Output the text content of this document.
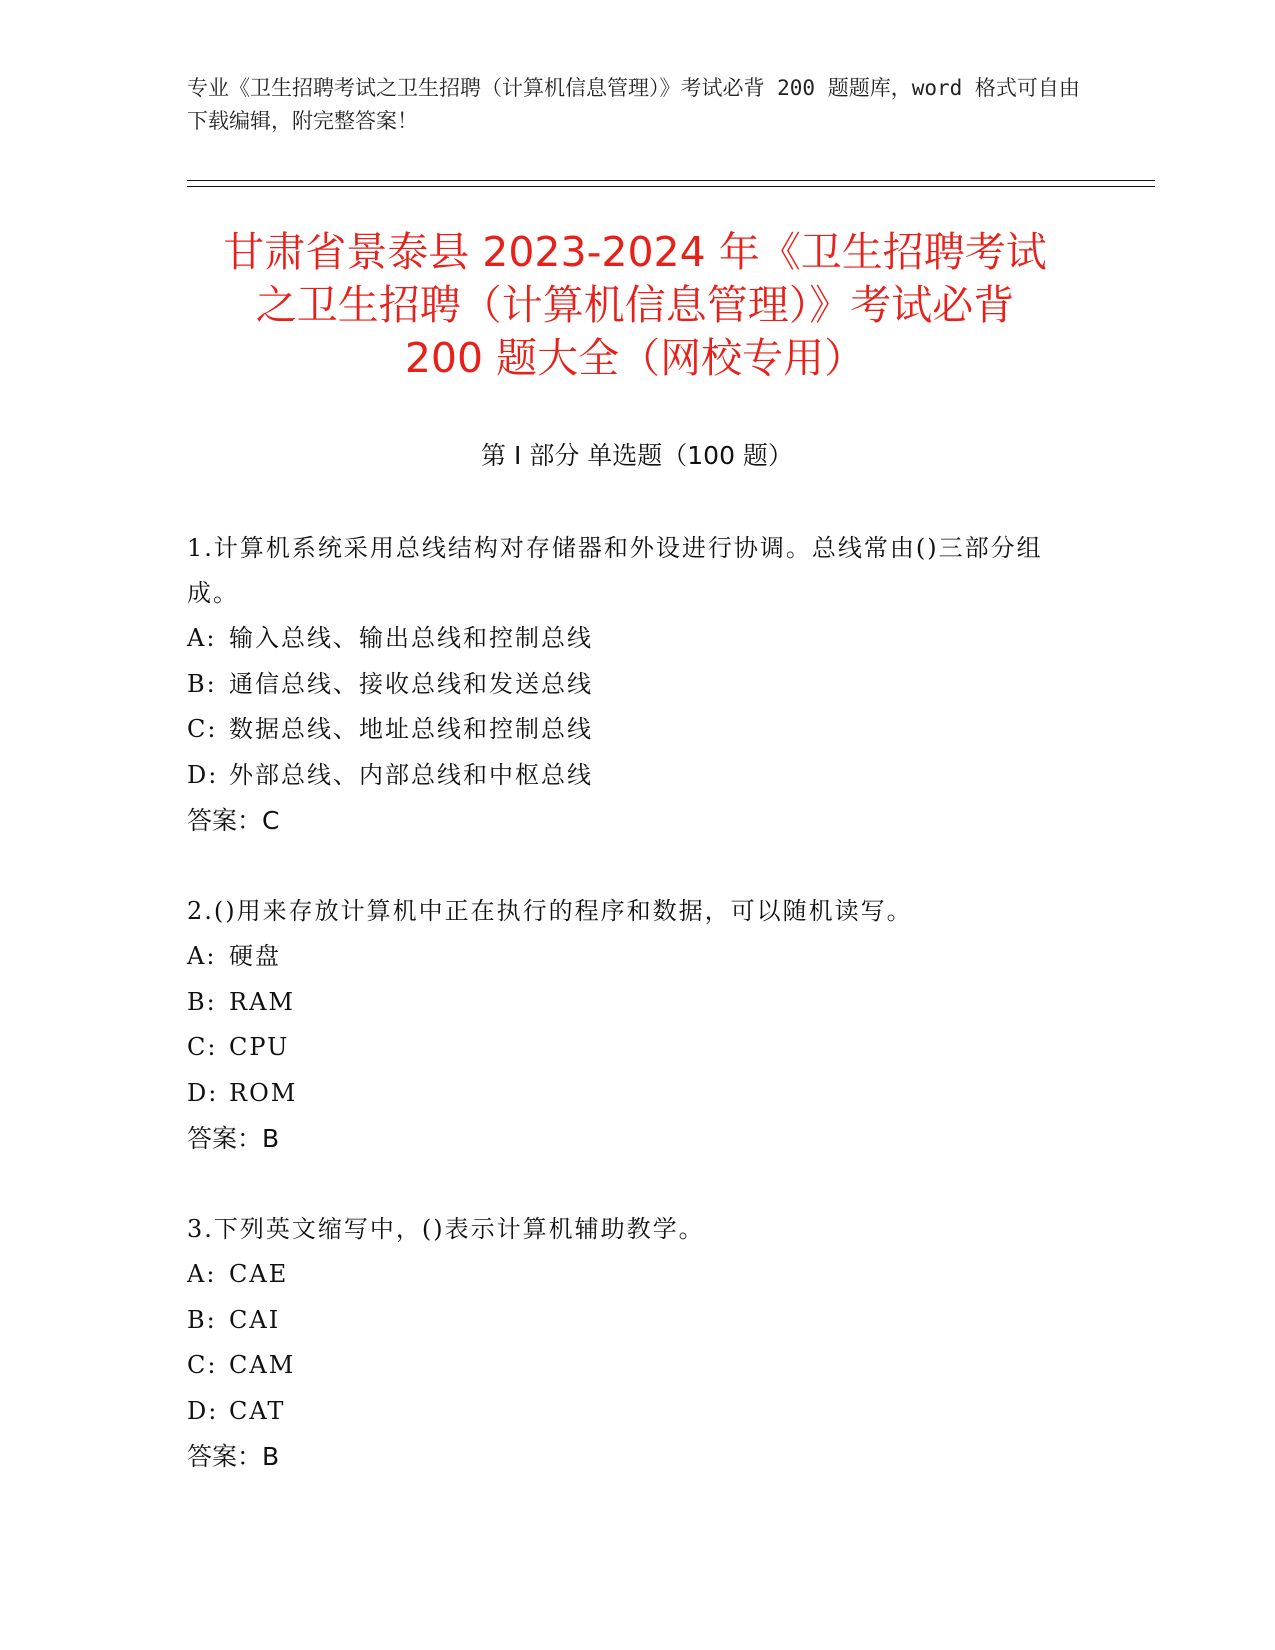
专业《卫生招聘考试之卫生招聘（计算机信息管理）》考试必背 200 题题库，word 格式可自由下载编辑，附完整答案！

甘肃省景泰县 2023-2024 年《卫生招聘考试
之卫生招聘（计算机信息管理）》考试必背
200 题大全（网校专用）
第 I 部分 单选题（100 题）

1.计算机系统采用总线结构对存储器和外设进行协调。总线常由()三部分组成。

A: 输入总线、输出总线和控制总线

B: 通信总线、接收总线和发送总线

C: 数据总线、地址总线和控制总线

D: 外部总线、内部总线和中枢总线

答案：C

2.()用来存放计算机中正在执行的程序和数据，可以随机读写。

A: 硬盘

B: RAM

C: CPU

D: ROM

答案：B

3.下列英文缩写中，()表示计算机辅助教学。

A: CAE

B: CAI

C: CAM

D: CAT

答案：B
